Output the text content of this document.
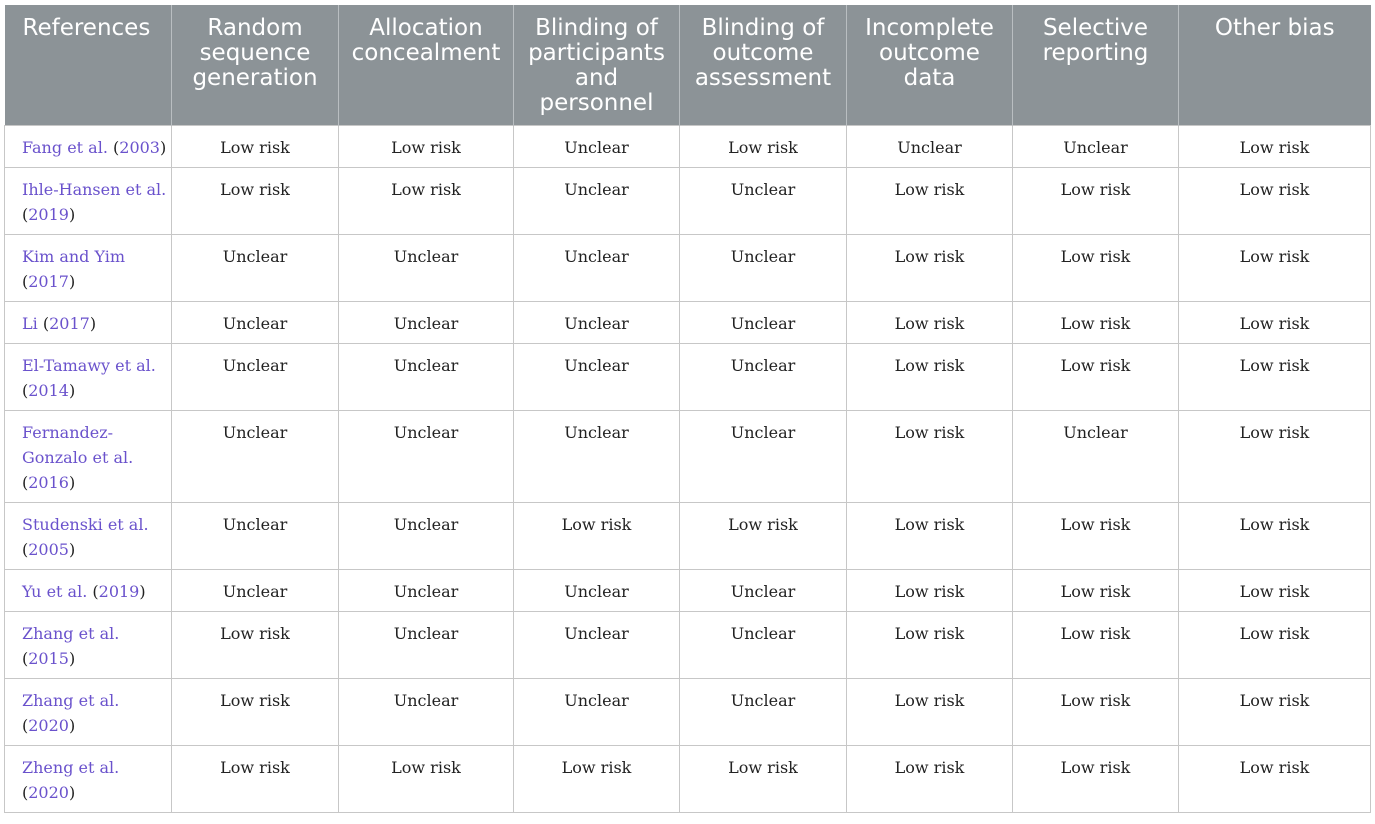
References	Random sequence generation	Allocation concealment	Blinding of participants and personnel	Blinding of outcome assessment	Incomplete outcome data	Selective reporting	Other bias
Fang et al. (2003)	Low risk	Low risk	Unclear	Low risk	Unclear	Unclear	Low risk
Ihle-Hansen et al. (2019)	Low risk	Low risk	Unclear	Unclear	Low risk	Low risk	Low risk
Kim and Yim (2017)	Unclear	Unclear	Unclear	Unclear	Low risk	Low risk	Low risk
Li (2017)	Unclear	Unclear	Unclear	Unclear	Low risk	Low risk	Low risk
El-Tamawy et al. (2014)	Unclear	Unclear	Unclear	Unclear	Low risk	Low risk	Low risk
Fernandez-Gonzalo et al. (2016)	Unclear	Unclear	Unclear	Unclear	Low risk	Unclear	Low risk
Studenski et al. (2005)	Unclear	Unclear	Low risk	Low risk	Low risk	Low risk	Low risk
Yu et al. (2019)	Unclear	Unclear	Unclear	Unclear	Low risk	Low risk	Low risk
Zhang et al. (2015)	Low risk	Unclear	Unclear	Unclear	Low risk	Low risk	Low risk
Zhang et al. (2020)	Low risk	Unclear	Unclear	Unclear	Low risk	Low risk	Low risk
Zheng et al. (2020)	Low risk	Low risk	Low risk	Low risk	Low risk	Low risk	Low risk
